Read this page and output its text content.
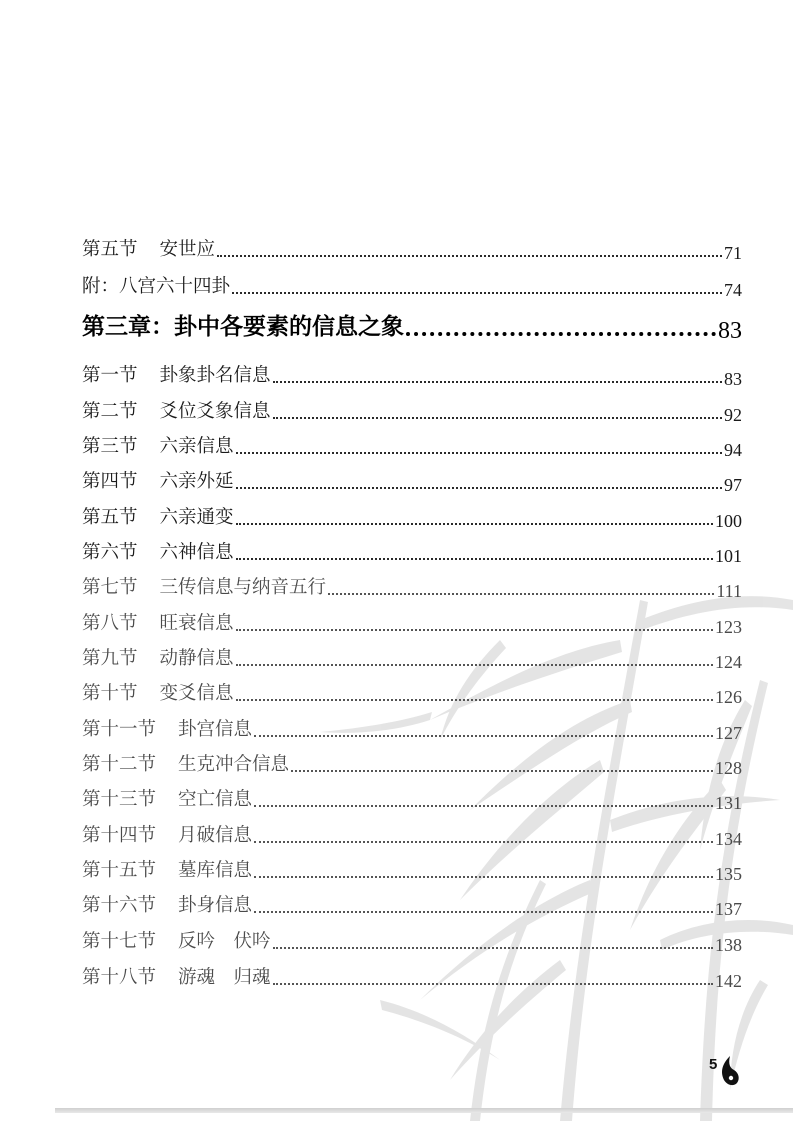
第五节 安世应	71
附：八宫六十四卦	74
第三章：卦中各要素的信息之象	83
第一节 卦象卦名信息	83
第二节 爻位爻象信息	92
第三节 六亲信息	94
第四节 六亲外延	97
第五节 六亲通变	100
第六节 六神信息	101
第七节 三传信息与纳音五行	111
第八节 旺衰信息	123
第九节 动静信息	124
第十节 变爻信息	126
第十一节 卦宫信息	127
第十二节 生克冲合信息	128
第十三节 空亡信息	131
第十四节 月破信息	134
第十五节 墓库信息	135
第十六节 卦身信息	137
第十七节 反吟　伏吟	138
第十八节 游魂　归魂	142
5
